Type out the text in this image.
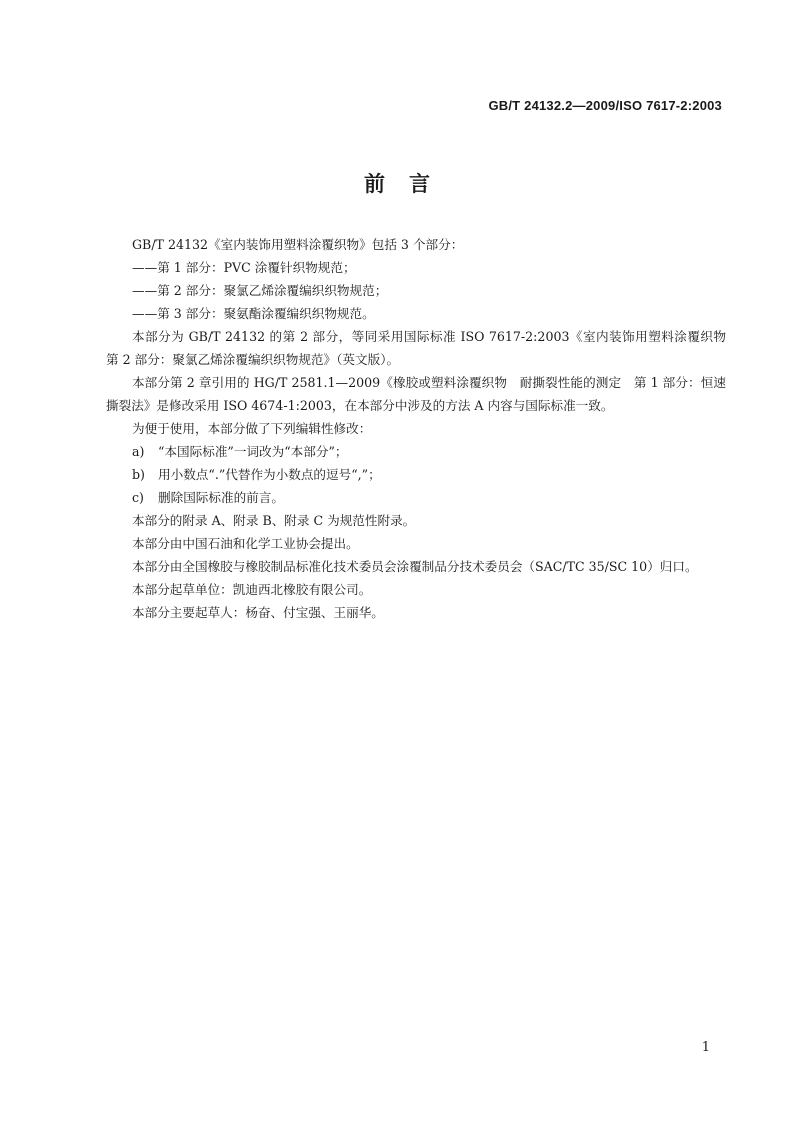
GB/T 24132.2—2009/ISO 7617-2:2003
前言

GB/T 24132《室内装饰用塑料涂覆织物》包括 3 个部分：

——第 1 部分：PVC 涂覆针织物规范；

——第 2 部分：聚氯乙烯涂覆编织织物规范；

——第 3 部分：聚氨酯涂覆编织织物规范。

本部分为 GB/T 24132 的第 2 部分，等同采用国际标准 ISO 7617-2:2003《室内装饰用塑料涂覆织物　第 2 部分：聚氯乙烯涂覆编织织物规范》（英文版）。

本部分第 2 章引用的 HG/T 2581.1—2009《橡胶或塑料涂覆织物　耐撕裂性能的测定　第 1 部分：恒速撕裂法》是修改采用 ISO 4674-1:2003，在本部分中涉及的方法 A 内容与国际标准一致。

为便于使用，本部分做了下列编辑性修改：

a) “本国际标准”一词改为“本部分”；

b) 用小数点“.”代替作为小数点的逗号“,”；

c) 删除国际标准的前言。

本部分的附录 A、附录 B、附录 C 为规范性附录。

本部分由中国石油和化学工业协会提出。

本部分由全国橡胶与橡胶制品标准化技术委员会涂覆制品分技术委员会（SAC/TC 35/SC 10）归口。

本部分起草单位：凯迪西北橡胶有限公司。

本部分主要起草人：杨奋、付宝强、王丽华。

1
